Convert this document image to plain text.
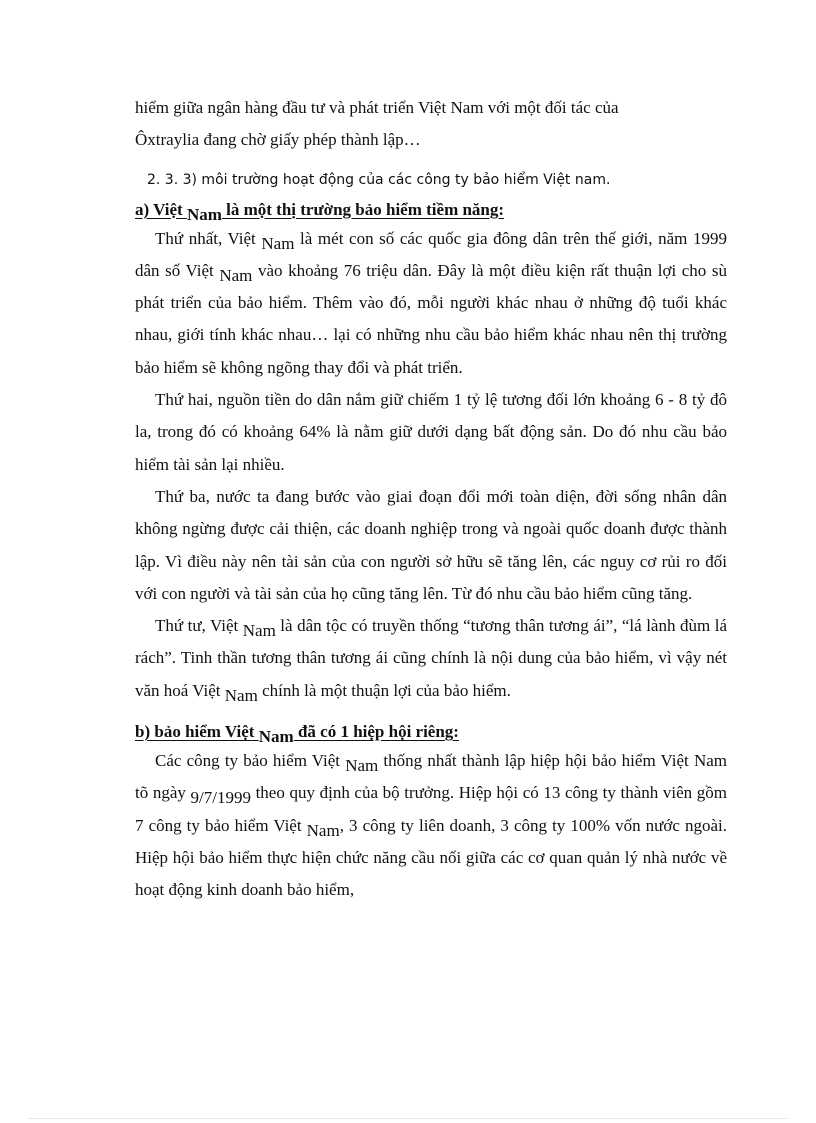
hiểm giữa ngân hàng đầu tư và phát triển Việt Nam với một đối tác của
Ôxtraylia đang chờ giấy phép thành lập…

2. 3. 3) môi trường hoạt động của các công ty bảo hiểm Việt nam.
a) Việt Nam là một thị trường bảo hiểm tiềm năng:

Thứ nhất, Việt Nam là mét con số các quốc gia đông dân trên thế giới, năm 1999 dân số Việt Nam vào khoảng 76 triệu dân. Đây là một điều kiện rất thuận lợi cho sù phát triển của bảo hiểm. Thêm vào đó, mỗi người khác nhau ở những độ tuổi khác nhau, giới tính khác nhau… lại có những nhu cầu bảo hiểm khác nhau nên thị trường bảo hiểm sẽ không ngõng thay đổi và phát triển.

Thứ hai, nguồn tiền do dân nắm giữ chiếm 1 tỷ lệ tương đối lớn khoảng 6 - 8 tỷ đô la, trong đó có khoảng 64% là nằm giữ dưới dạng bất động sản. Do đó nhu cầu bảo hiểm tài sản lại nhiều.

Thứ ba, nước ta đang bước vào giai đoạn đổi mới toàn diện, đời sống nhân dân không ngừng được cải thiện, các doanh nghiệp trong và ngoài quốc doanh được thành lập. Vì điều này nên tài sản của con người sở hữu sẽ tăng lên, các nguy cơ rủi ro đối với con người và tài sản của họ cũng tăng lên. Từ đó nhu cầu bảo hiểm cũng tăng.

Thứ tư, Việt Nam là dân tộc có truyền thống “tương thân tương ái”, “lá lành đùm lá rách”. Tinh thần tương thân tương ái cũng chính là nội dung của bảo hiểm, vì vậy nét văn hoá Việt Nam chính là một thuận lợi của bảo hiểm.

b) bảo hiểm Việt Nam đã có 1 hiệp hội riêng:

Các công ty bảo hiểm Việt Nam thống nhất thành lập hiệp hội bảo hiểm Việt Nam tõ ngày 9/7/1999 theo quy định của bộ trưởng. Hiệp hội có 13 công ty thành viên gồm 7 công ty bảo hiểm Việt Nam, 3 công ty liên doanh, 3 công ty 100% vốn nước ngoài. Hiệp hội bảo hiểm thực hiện chức năng cầu nối giữa các cơ quan quản lý nhà nước về hoạt động kinh doanh bảo hiểm,
